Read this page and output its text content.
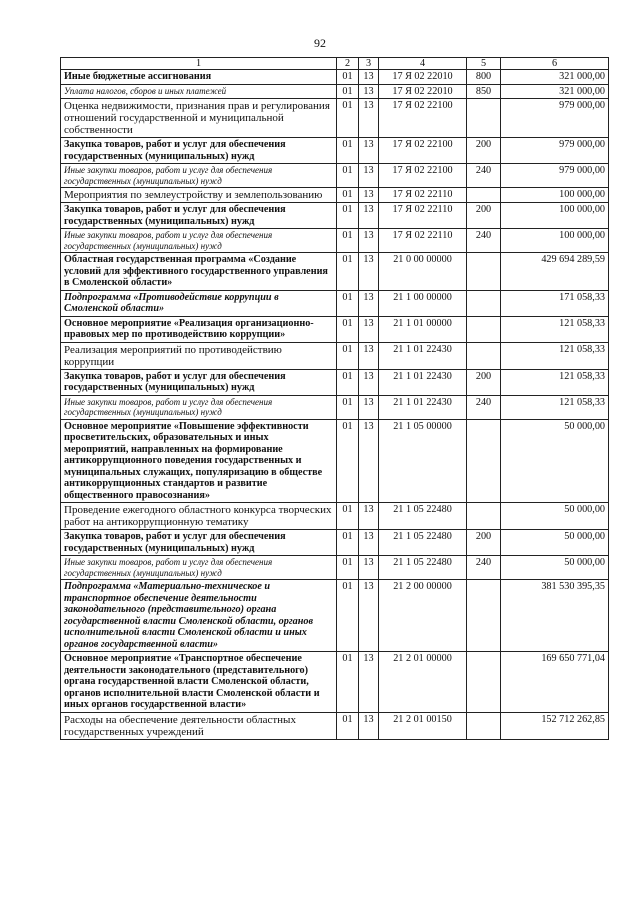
92
1	2	3	4	5	6
Иные бюджетные ассигнования	01	13	17 Я 02 22010	800	321 000,00
Уплата налогов, сборов и иных платежей	01	13	17 Я 02 22010	850	321 000,00
Оценка недвижимости, признания прав и регулирования отношений государственной и муниципальной собственности	01	13	17 Я 02 22100		979 000,00
Закупка товаров, работ и услуг для обеспечения государственных (муниципальных) нужд	01	13	17 Я 02 22100	200	979 000,00
Иные закупки товаров, работ и услуг для обеспечения государственных (муниципальных) нужд	01	13	17 Я 02 22100	240	979 000,00
Мероприятия по землеустройству и землепользованию	01	13	17 Я 02 22110		100 000,00
Закупка товаров, работ и услуг для обеспечения государственных (муниципальных) нужд	01	13	17 Я 02 22110	200	100 000,00
Иные закупки товаров, работ и услуг для обеспечения государственных (муниципальных) нужд	01	13	17 Я 02 22110	240	100 000,00
Областная государственная программа «Создание условий для эффективного государственного управления в Смоленской области»	01	13	21 0 00 00000		429 694 289,59
Подпрограмма «Противодействие коррупции в Смоленской области»	01	13	21 1 00 00000		171 058,33
Основное мероприятие «Реализация организационно-правовых мер по противодействию коррупции»	01	13	21 1 01 00000		121 058,33
Реализация мероприятий по противодействию коррупции	01	13	21 1 01 22430		121 058,33
Закупка товаров, работ и услуг для обеспечения государственных (муниципальных) нужд	01	13	21 1 01 22430	200	121 058,33
Иные закупки товаров, работ и услуг для обеспечения государственных (муниципальных) нужд	01	13	21 1 01 22430	240	121 058,33
Основное мероприятие «Повышение эффективности просветительских, образовательных и иных мероприятий, направленных на формирование антикоррупционного поведения государственных и муниципальных служащих, популяризацию в обществе антикоррупционных стандартов и развитие общественного правосознания»	01	13	21 1 05 00000		50 000,00
Проведение ежегодного областного конкурса творческих работ на антикоррупционную тематику	01	13	21 1 05 22480		50 000,00
Закупка товаров, работ и услуг для обеспечения государственных (муниципальных) нужд	01	13	21 1 05 22480	200	50 000,00
Иные закупки товаров, работ и услуг для обеспечения государственных (муниципальных) нужд	01	13	21 1 05 22480	240	50 000,00
Подпрограмма «Материально-техническое и транспортное обеспечение деятельности законодательного (представительного) органа государственной власти Смоленской области, органов исполнительной власти Смоленской области и иных органов государственной власти»	01	13	21 2 00 00000		381 530 395,35
Основное мероприятие «Транспортное обеспечение деятельности законодательного (представительного) органа государственной власти Смоленской области, органов исполнительной власти Смоленской области и иных органов государственной власти»	01	13	21 2 01 00000		169 650 771,04
Расходы на обеспечение деятельности областных государственных учреждений	01	13	21 2 01 00150		152 712 262,85
